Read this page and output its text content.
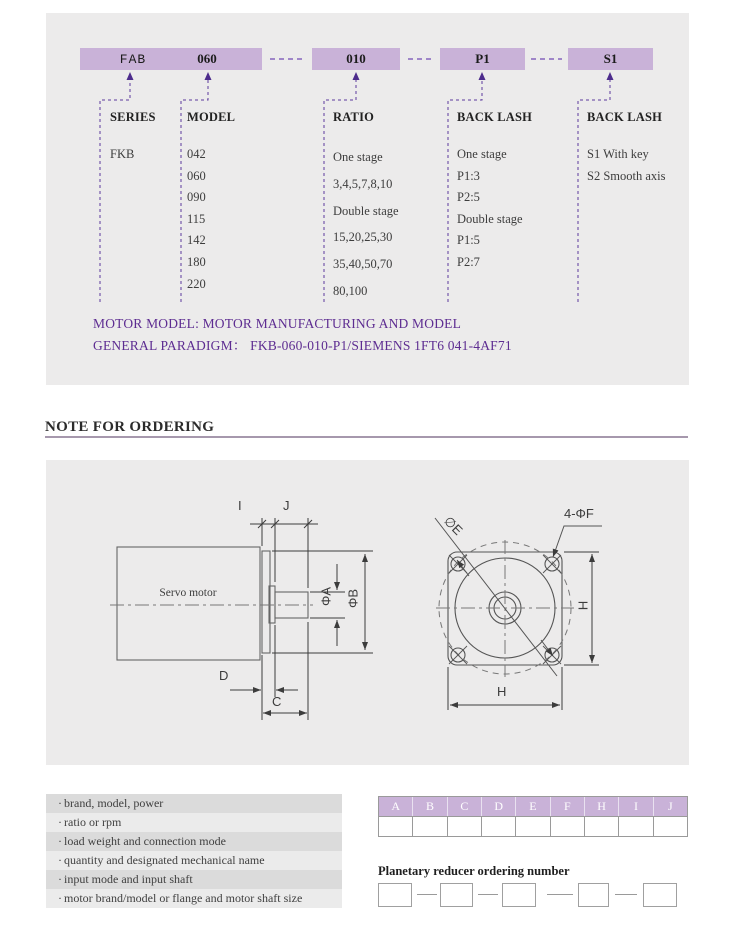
FAB	060	010	P1	S1
SERIES
FKB
MODEL
042
060
090
115
142
180
220
RATIO
One stage
3,4,5,7,8,10
Double stage
15,20,25,30
35,40,50,70
80,100
BACK LASH
One stage
P1:3
P2:5
Double stage
P1:5
P2:7
BACK LASH
S1 With key
S2 Smooth axis
MOTOR MODEL: MOTOR MANUFACTURING AND MODEL
GENERAL PARADIGM： FKB-060-010-P1/SIEMENS 1FT6 041-4AF71
NOTE FOR ORDERING
Servo motor
I	J
ΦA ΦB
D
C
∅E	4-ΦF
H
H
· brand, model, power
· ratio or rpm
· load weight and connection mode
· quantity and designated mechanical name
· input mode and input shaft
· motor brand/model or flange and motor shaft size
A	B	C	D	E	F	H	I	J
Planetary reducer ordering number
